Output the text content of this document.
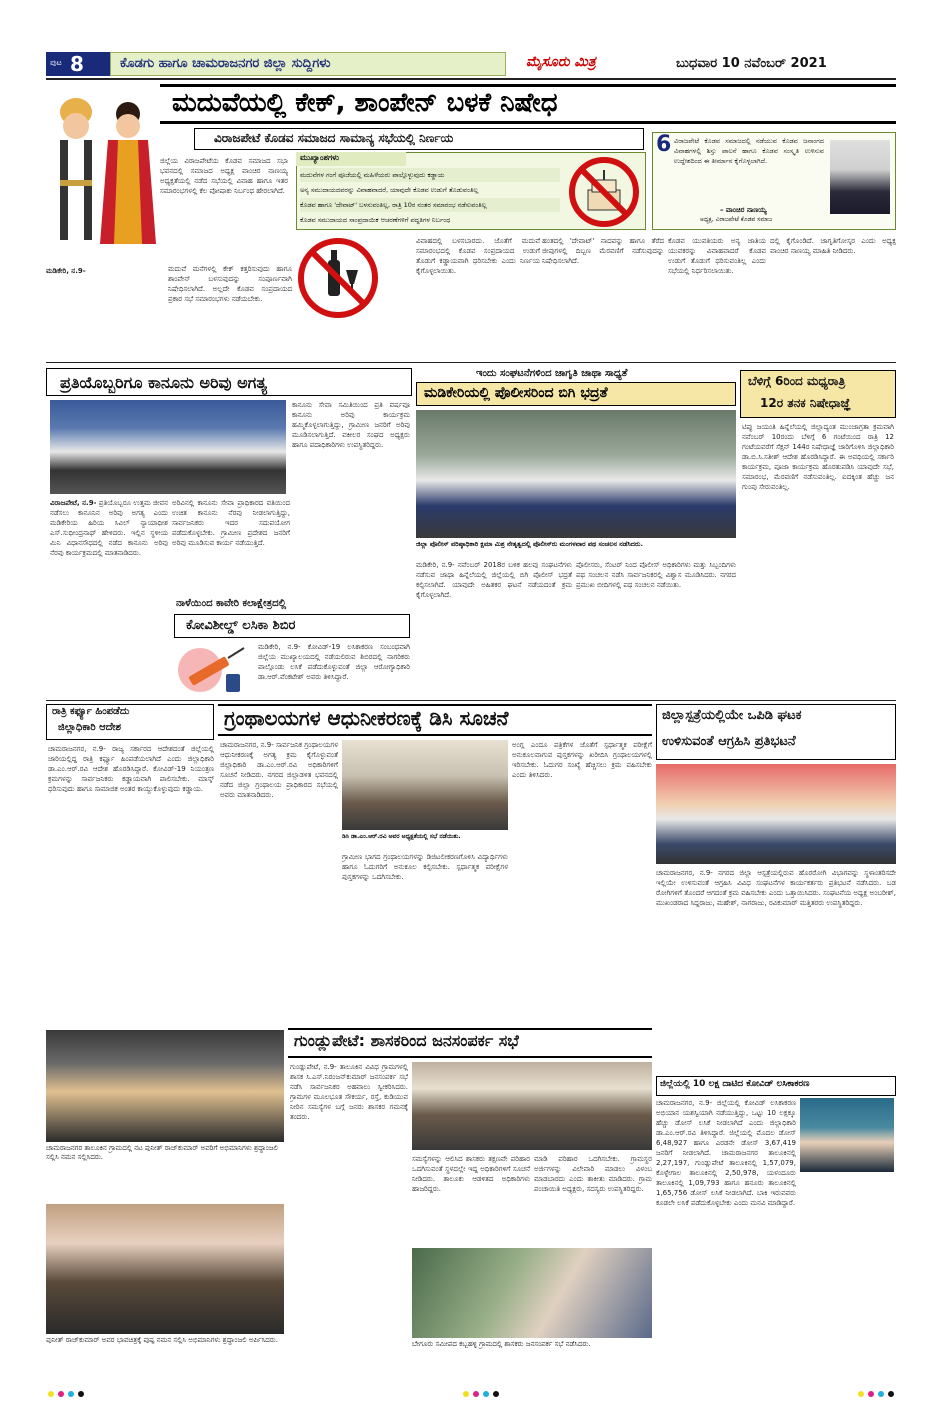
ಪುಟ 8	ಕೊಡಗು ಹಾಗೂ ಚಾಮರಾಜನಗರ ಜಿಲ್ಲಾ ಸುದ್ದಿಗಳು	ಮೈಸೂರು ಮಿತ್ರ	ಬುಧವಾರ 10 ನವೆಂಬರ್ 2021
ಮದುವೆಯಲ್ಲಿ ಕೇಕ್, ಶಾಂಪೇನ್ ಬಳಕೆ ನಿಷೇಧ
ವಿರಾಜಪೇಟೆ ಕೊಡವ ಸಮಾಜದ ಸಾಮಾನ್ಯ ಸಭೆಯಲ್ಲಿ ನಿರ್ಣಯ
ಮುಖ್ಯಾಂಶಗಳು
ಮದುವೆಗಳ ಗಂಗೆ ಪೂಜೆಯಲ್ಲಿ ಮಹಿಳೆಯರು ಪಾಲ್ಗೊಳ್ಳುವುದು ಕಡ್ಡಾಯ
ಅನ್ಯ ಸಮುದಾಯದವರನ್ನು ವಿವಾಹವಾದರೆ, ಯಾವುದೇ ಕೊಡವ ಉಡುಗೆ ತೊಡುವಂತಿಲ್ಲ
ಕೊಡವ ಹಾಗೂ 'ದೇವಾಟ್' ಬಳಸುವಂತಿಲ್ಲ, ರಾತ್ರಿ 10ರ ನಂತರ ಸಮಾರಂಭ ನಡೆಸುವಂತಿಲ್ಲ
ಕೊಡವ ಸಮುದಾಯದ ಸಾಂಪ್ರದಾಯಿಕ ಆಚರಣೆಗಳಿಗೆ ಪದ್ಧತಿಗಳ ನಿರ್ಬಂಧ
ಜಿಲ್ಲೆಯ ವಿರಾಜಪೇಟೆಯ ಕೊಡವ ಸಮಾಜದ ಸಭಾ ಭವನದಲ್ಲಿ ಸಮಾಜದ ಅಧ್ಯಕ್ಷ ವಾಂಚಿರ ನಾಣಯ್ಯ ಅಧ್ಯಕ್ಷತೆಯಲ್ಲಿ ನಡೆದ ಸಭೆಯಲ್ಲಿ ವಿವಾಹ ಹಾಗೂ ಇತರ ಸಮಾರಂಭಗಳಲ್ಲಿ ಕೆಲ ಪೋಷಾಕು ನಿರ್ಬಂಧ ಹೇರಲಾಗಿದೆ.
ಮಡಿಕೇರಿ, ನ.9-	ಮದುವೆ ಮನೆಗಳಲ್ಲಿ ಕೇಕ್ ಕತ್ತರಿಸುವುದು ಹಾಗೂ ಶಾಂಪೇನ್ ಬಳಸುವುದನ್ನು ಸಂಪೂರ್ಣವಾಗಿ ನಿಷೇಧಿಸಲಾಗಿದೆ. ಅಲ್ಲದೇ ಕೊಡವ ಸಂಪ್ರದಾಯದ ಪ್ರಕಾರ ಸಭೆ ಸಮಾರಂಭಗಳು ನಡೆಯಬೇಕು.
ವಿವಾಹದಲ್ಲಿ ಬಳಸಬಾರದು. ಜೊತೆಗೆ ಮದುವೆ ಸಮಾರಂಭದಲ್ಲಿ ಕೊಡವ ಸಂಪ್ರದಾಯದ ಉಡುಗೆ ತೊಡುಗೆ ಕಡ್ಡಾಯವಾಗಿ ಧರಿಸಬೇಕು ಎಂದು ನಿರ್ಣಯ ಕೈಗೊಳ್ಳಲಾಯಿತು.
ಹಂತದಲ್ಲಿ 'ದೇವಾಟ್' ನಾದವನ್ನು ಹಾಗೂ ತೆರೆದ ಜೀಪುಗಳಲ್ಲಿ ದಿಬ್ಬಣ ಮೆರವಣಿಗೆ ನಡೆಸುವುದನ್ನು ನಿಷೇಧಿಸಲಾಗಿದೆ.
ಕೊಡವ ಯುವತಿಯರು ಅನ್ಯ ಜಾತಿಯ ಯುವಕರನ್ನು ವಿವಾಹವಾದರೆ ಕೊಡವ ಉಡುಗೆ ತೊಡುಗೆ ಧರಿಸುವಂತಿಲ್ಲ ಎಂದು ಸಭೆಯಲ್ಲಿ ನಿರ್ಧರಿಸಲಾಯಿತು.
ದಲ್ಲಿ ಕೈಗೊಂಡಿದೆ. ಜಾಗೃತಿಗೋಸ್ಕರ ಎಂದು ಅಧ್ಯಕ್ಷ ವಾಂಚಿರ ನಾಣಯ್ಯ ಮಾಹಿತಿ ನೀಡಿದರು.
6 ವಿರಾಜಪೇಟೆ ಕೊಡವ ಸಮಾಜದಲ್ಲಿ ನಡೆಯುವ ಕೊಡವ ಜನಾಂಗದ ವಿವಾಹಗಳಲ್ಲಿ ಶಿಸ್ತು ಪಾಲನೆ ಹಾಗೂ ಕೊಡವ ಸಂಸ್ಕೃತಿ ಉಳಿಸುವ ಉದ್ದೇಶದಿಂದ ಈ ತೀರ್ಮಾನ ಕೈಗೊಳ್ಳಲಾಗಿದೆ.
– ವಾಂಚಿರ ನಾಣಯ್ಯ
ಅಧ್ಯಕ್ಷ, ವಿರಾಜಪೇಟೆ ಕೊಡವ ಸಮಾಜ
ಪ್ರತಿಯೊಬ್ಬರಿಗೂ ಕಾನೂನು ಅರಿವು ಅಗತ್ಯ
ವಿರಾಜಪೇಟೆ, ನ.9- ಪ್ರತಿಯೊಬ್ಬರೂ ಉತ್ತಮ ಜೀವನ ನಡೆಸಲು ಕಾನೂನಿನ ಅರಿವು ಅಗತ್ಯ ಎಂದು ಮಡಿಕೇರಿಯ ಹಿರಿಯ ಸಿವಿಲ್ ನ್ಯಾಯಾಧೀಶ ಎಸ್.ಸುಧೀಂದ್ರನಾಥ್ ಹೇಳಿದರು. ಇಲ್ಲಿನ ಸ್ಥಳೀಯ ಮಿನಿ ವಿಧಾನಸೌಧದಲ್ಲಿ ನಡೆದ ಕಾನೂನು ಅರಿವು ನೆರವು ಕಾರ್ಯಕ್ರಮದಲ್ಲಿ ಮಾತನಾಡಿದರು.
ಅರಿವಿನಲ್ಲಿ ಕಾನೂನು ಸೇವಾ ಪ್ರಾಧಿಕಾರದ ವತಿಯಿಂದ ಉಚಿತ ಕಾನೂನು ನೆರವು ನೀಡಲಾಗುತ್ತಿದ್ದು, ಸಾರ್ವಜನಿಕರು ಇದರ ಸದುಪಯೋಗ ಪಡೆದುಕೊಳ್ಳಬೇಕು. ಗ್ರಾಮೀಣ ಪ್ರದೇಶದ ಜನರಿಗೆ ಅರಿವು ಮೂಡಿಸುವ ಕಾರ್ಯ ನಡೆಯುತ್ತಿದೆ.
ಕಾನೂನು ಸೇವಾ ಸಮಿತಿಯಿಂದ ಪ್ರತಿ ವರ್ಷವೂ ಕಾನೂನು ಅರಿವು ಕಾರ್ಯಕ್ರಮ ಹಮ್ಮಿಕೊಳ್ಳಲಾಗುತ್ತಿದ್ದು, ಗ್ರಾಮೀಣ ಜನರಿಗೆ ಅರಿವು ಮೂಡಿಸಲಾಗುತ್ತಿದೆ. ವಕೀಲರ ಸಂಘದ ಅಧ್ಯಕ್ಷರು ಹಾಗೂ ಪದಾಧಿಕಾರಿಗಳು ಉಪಸ್ಥಿತರಿದ್ದರು.
ನಾಳೆಯಿಂದ ಕಾವೇರಿ ಕಲಾಕ್ಷೇತ್ರದಲ್ಲಿ
ಕೋವಿಶೀಲ್ಡ್ ಲಸಿಕಾ ಶಿಬಿರ
ಮಡಿಕೇರಿ, ನ.9- ಕೋವಿಡ್-19 ಲಸಿಕಾಕರಣ ಸಂಬಂಧವಾಗಿ ಜಿಲ್ಲೆಯ ಮುಖ್ಯಾಲಯದಲ್ಲಿ ನಡೆಯಲಿರುವ ಶಿಬಿರದಲ್ಲಿ ನಾಗರಿಕರು ಪಾಲ್ಗೊಂಡು ಲಸಿಕೆ ಪಡೆದುಕೊಳ್ಳುವಂತೆ ಜಿಲ್ಲಾ ಆರೋಗ್ಯಾಧಿಕಾರಿ ಡಾ.ಆರ್.ವೆಂಕಟೇಶ್ ಅವರು ತಿಳಿಸಿದ್ದಾರೆ.
ಇಂದು ಸಂಘಟನೆಗಳಿಂದ ಜಾಗೃತಿ ಜಾಥಾ ಸಾಧ್ಯತೆ
ಮಡಿಕೇರಿಯಲ್ಲಿ ಪೊಲೀಸರಿಂದ ಬಿಗಿ ಭದ್ರತೆ
ಜಿಲ್ಲಾ ಪೊಲೀಸ್ ವರಿಷ್ಠಾಧಿಕಾರಿ ಕ್ಷಮಾ ಮಿಶ್ರ ನೇತೃತ್ವದಲ್ಲಿ ಪೊಲೀಸ್‌ರು ಮಂಗಳವಾರ ಪಥ ಸಂಚಲನ ನಡೆಸಿದರು.
ಮಡಿಕೇರಿ, ನ.9- ನವೆಂಬರ್ 2018ರ ಬಳಿಕ ಹಲವು ಸಂಘಟನೆಗಳು ನಡೆಸುವ ಜಾಥಾ ಹಿನ್ನೆಲೆಯಲ್ಲಿ ಜಿಲ್ಲೆಯಲ್ಲಿ ಬಿಗಿ ಪೊಲೀಸ್ ಭದ್ರತೆ ಕಲ್ಪಿಸಲಾಗಿದೆ. ಯಾವುದೇ ಅಹಿತಕರ ಘಟನೆ ನಡೆಯದಂತೆ ಕ್ರಮ ಕೈಗೊಳ್ಳಲಾಗಿದೆ.
ಪೊಲೀಸರು, ಸೆಂಟರ್ ನಿಂದ ಪೊಲೀಸ್ ಅಧಿಕಾರಿಗಳು ಮತ್ತು ಸಿಬ್ಬಂದಿಗಳು ಪಥ ಸಂಚಲನ ನಡೆಸಿ ಸಾರ್ವಜನಿಕರಲ್ಲಿ ವಿಶ್ವಾಸ ಮೂಡಿಸಿದರು. ನಗರದ ಪ್ರಮುಖ ಬೀದಿಗಳಲ್ಲಿ ಪಥ ಸಂಚಲನ ನಡೆಯಿತು.
ಬೆಳಿಗ್ಗೆ 6ರಿಂದ ಮಧ್ಯರಾತ್ರಿ
12ರ ತನಕ ನಿಷೇಧಾಜ್ಞೆ
ಟಿಪ್ಪು ಜಯಂತಿ ಹಿನ್ನೆಲೆಯಲ್ಲಿ ಜಿಲ್ಲಾದ್ಯಂತ ಮುಂಜಾಗ್ರತಾ ಕ್ರಮವಾಗಿ ನವೆಂಬರ್ 10ರಂದು ಬೆಳಿಗ್ಗೆ 6 ಗಂಟೆಯಿಂದ ರಾತ್ರಿ 12 ಗಂಟೆಯವರೆಗೆ ಸೆಕ್ಷನ್ 144ರ ನಿಷೇಧಾಜ್ಞೆ ಜಾರಿಗೊಳಿಸಿ ಜಿಲ್ಲಾಧಿಕಾರಿ ಡಾ.ಬಿ.ಸಿ.ಸತೀಶ್ ಆದೇಶ ಹೊರಡಿಸಿದ್ದಾರೆ. ಈ ಅವಧಿಯಲ್ಲಿ ಸರ್ಕಾರಿ ಕಾರ್ಯಕ್ರಮ, ಪೂಜಾ ಕಾರ್ಯಕ್ರಮ ಹೊರತುಪಡಿಸಿ ಯಾವುದೇ ಸಭೆ, ಸಮಾರಂಭ, ಮೆರವಣಿಗೆ ನಡೆಸುವಂತಿಲ್ಲ. ಐದಕ್ಕಿಂತ ಹೆಚ್ಚು ಜನ ಗುಂಪು ಸೇರುವಂತಿಲ್ಲ.
ರಾತ್ರಿ ಕರ್ಫ್ಯೂ ಹಿಂಪಡೆದು
ಜಿಲ್ಲಾಧಿಕಾರಿ ಆದೇಶ
ಚಾಮರಾಜನಗರ, ನ.9- ರಾಜ್ಯ ಸರ್ಕಾರದ ಆದೇಶದಂತೆ ಜಿಲ್ಲೆಯಲ್ಲಿ ಜಾರಿಯಲ್ಲಿದ್ದ ರಾತ್ರಿ ಕರ್ಫ್ಯೂ ಹಿಂಪಡೆಯಲಾಗಿದೆ ಎಂದು ಜಿಲ್ಲಾಧಿಕಾರಿ ಡಾ.ಎಂ.ಆರ್.ರವಿ ಆದೇಶ ಹೊರಡಿಸಿದ್ದಾರೆ. ಕೋವಿಡ್-19 ನಿಯಂತ್ರಣ ಕ್ರಮಗಳನ್ನು ಸಾರ್ವಜನಿಕರು ಕಡ್ಡಾಯವಾಗಿ ಪಾಲಿಸಬೇಕು. ಮಾಸ್ಕ್ ಧರಿಸುವುದು ಹಾಗೂ ಸಾಮಾಜಿಕ ಅಂತರ ಕಾಯ್ದುಕೊಳ್ಳುವುದು ಕಡ್ಡಾಯ.
ಗ್ರಂಥಾಲಯಗಳ ಆಧುನೀಕರಣಕ್ಕೆ ಡಿಸಿ ಸೂಚನೆ
ಚಾಮರಾಜನಗರ, ನ.9- ಸಾರ್ವಜನಿಕ ಗ್ರಂಥಾಲಯಗಳ ಆಧುನೀಕರಣಕ್ಕೆ ಅಗತ್ಯ ಕ್ರಮ ಕೈಗೊಳ್ಳುವಂತೆ ಜಿಲ್ಲಾಧಿಕಾರಿ ಡಾ.ಎಂ.ಆರ್.ರವಿ ಅಧಿಕಾರಿಗಳಿಗೆ ಸೂಚನೆ ನೀಡಿದರು. ನಗರದ ಜಿಲ್ಲಾಡಳಿತ ಭವನದಲ್ಲಿ ನಡೆದ ಜಿಲ್ಲಾ ಗ್ರಂಥಾಲಯ ಪ್ರಾಧಿಕಾರದ ಸಭೆಯಲ್ಲಿ ಅವರು ಮಾತನಾಡಿದರು.
ಡಿಸಿ ಡಾ.ಎಂ.ಆರ್.ರವಿ ಅವರ ಅಧ್ಯಕ್ಷತೆಯಲ್ಲಿ ಸಭೆ ನಡೆಯಿತು.
ಗ್ರಾಮೀಣ ಭಾಗದ ಗ್ರಂಥಾಲಯಗಳನ್ನು ಡಿಜಿಟಲೀಕರಣಗೊಳಿಸಿ ವಿದ್ಯಾರ್ಥಿಗಳು ಹಾಗೂ ಓದುಗರಿಗೆ ಅನುಕೂಲ ಕಲ್ಪಿಸಬೇಕು. ಸ್ಪರ್ಧಾತ್ಮಕ ಪರೀಕ್ಷೆಗಳ ಪುಸ್ತಕಗಳನ್ನು ಒದಗಿಸಬೇಕು.
ಅಂಗ್ಲ ಎಂದೂ ಪತ್ರಿಕೆಗಳ ಜೊತೆಗೆ ಸ್ಪರ್ಧಾತ್ಮಕ ಪರೀಕ್ಷೆಗೆ ಅನುಕೂಲವಾಗುವ ಪುಸ್ತಕಗಳನ್ನು ಖರೀದಿಸಿ ಗ್ರಂಥಾಲಯಗಳಲ್ಲಿ ಇರಿಸಬೇಕು. ಓದುಗರ ಸಂಖ್ಯೆ ಹೆಚ್ಚಿಸಲು ಕ್ರಮ ವಹಿಸಬೇಕು ಎಂದು ತಿಳಿಸಿದರು.
ಜಿಲ್ಲಾಸ್ಪತ್ರೆಯಲ್ಲಿಯೇ ಒಪಿಡಿ ಘಟಕ
ಉಳಿಸುವಂತೆ ಆಗ್ರಹಿಸಿ ಪ್ರತಿಭಟನೆ
ಚಾಮರಾಜನಗರ, ನ.9- ನಗರದ ಜಿಲ್ಲಾ ಆಸ್ಪತ್ರೆಯಲ್ಲಿರುವ ಹೊರರೋಗಿ ವಿಭಾಗವನ್ನು ಸ್ಥಳಾಂತರಿಸದೇ ಇಲ್ಲಿಯೇ ಉಳಿಸುವಂತೆ ಆಗ್ರಹಿಸಿ ವಿವಿಧ ಸಂಘಟನೆಗಳ ಕಾರ್ಯಕರ್ತರು ಪ್ರತಿಭಟನೆ ನಡೆಸಿದರು. ಬಡ ರೋಗಿಗಳಿಗೆ ತೊಂದರೆ ಆಗದಂತೆ ಕ್ರಮ ವಹಿಸಬೇಕು ಎಂದು ಒತ್ತಾಯಿಸಿದರು. ಸಂಘಟನೆಯ ಅಧ್ಯಕ್ಷ ಅಂಬರೀಶ್, ಮುಖಂಡರಾದ ಸಿದ್ದರಾಜು, ಮಹೇಶ್, ನಾಗರಾಜು, ರವಿಕುಮಾರ್ ಮತ್ತಿತರರು ಉಪಸ್ಥಿತರಿದ್ದರು.
ಚಾಮರಾಜನಗರ ತಾಲೂಕಿನ ಗ್ರಾಮದಲ್ಲಿ ನಟ ಪುನೀತ್ ರಾಜ್‌ಕುಮಾರ್ ಅವರಿಗೆ ಅಭಿಮಾನಿಗಳು ಶ್ರದ್ಧಾಂಜಲಿ ಸಲ್ಲಿಸಿ ನಮನ ಸಲ್ಲಿಸಿದರು.
ಪುನೀತ್ ರಾಜ್‌ಕುಮಾರ್ ಅವರ ಭಾವಚಿತ್ರಕ್ಕೆ ಪುಷ್ಪ ನಮನ ಸಲ್ಲಿಸಿ ಅಭಿಮಾನಿಗಳು ಶ್ರದ್ಧಾಂಜಲಿ ಅರ್ಪಿಸಿದರು.
ಗುಂಡ್ಲುಪೇಟೆ: ಶಾಸಕರಿಂದ ಜನಸಂಪರ್ಕ ಸಭೆ
ಗುಂಡ್ಲುಪೇಟೆ, ನ.9- ತಾಲೂಕಿನ ವಿವಿಧ ಗ್ರಾಮಗಳಲ್ಲಿ ಶಾಸಕ ಸಿ.ಎಸ್.ನಿರಂಜನ್‌ಕುಮಾರ್ ಜನಸಂಪರ್ಕ ಸಭೆ ನಡೆಸಿ ಸಾರ್ವಜನಿಕರ ಅಹವಾಲು ಸ್ವೀಕರಿಸಿದರು. ಗ್ರಾಮಗಳ ಮೂಲಭೂತ ಸೌಕರ್ಯ, ರಸ್ತೆ, ಕುಡಿಯುವ ನೀರಿನ ಸಮಸ್ಯೆಗಳ ಬಗ್ಗೆ ಜನರು ಶಾಸಕರ ಗಮನಕ್ಕೆ ತಂದರು.
ಸಮಸ್ಯೆಗಳನ್ನು ಆಲಿಸಿದ ಶಾಸಕರು ತಕ್ಷಣವೇ ಪರಿಹಾರ ಒದಗಿಸುವಂತೆ ಸ್ಥಳದಲ್ಲೇ ಇದ್ದ ಅಧಿಕಾರಿಗಳಿಗೆ ಸೂಚನೆ ನೀಡಿದರು. ತಾಲೂಕು ಆಡಳಿತದ ಅಧಿಕಾರಿಗಳು ಹಾಜರಿದ್ದರು.
ಮಾಡಿ ಪರಿಹಾರ ಒದಗಿಸಬೇಕು. ಗ್ರಾಮಸ್ಥರ ಅರ್ಜಿಗಳನ್ನು ವಿಲೇವಾರಿ ಮಾಡಲು ವಿಳಂಬ ಮಾಡಬಾರದು ಎಂದು ತಾಕೀತು ಮಾಡಿದರು. ಗ್ರಾಮ ಪಂಚಾಯಿತಿ ಅಧ್ಯಕ್ಷರು, ಸದಸ್ಯರು ಉಪಸ್ಥಿತರಿದ್ದರು.
ಬೇಗೂರು ಸಮೀಪದ ಕಬ್ಬಹಳ್ಳಿ ಗ್ರಾಮದಲ್ಲಿ ಶಾಸಕರು ಜನಸಂಪರ್ಕ ಸಭೆ ನಡೆಸಿದರು.
ಜಿಲ್ಲೆಯಲ್ಲಿ 10 ಲಕ್ಷ ದಾಟಿದ ಕೋವಿಡ್ ಲಸಿಕಾಕರಣ
ಚಾಮರಾಜನಗರ, ನ.9- ಜಿಲ್ಲೆಯಲ್ಲಿ ಕೋವಿಡ್ ಲಸಿಕಾಕರಣ ಅಭಿಯಾನ ಯಶಸ್ವಿಯಾಗಿ ನಡೆಯುತ್ತಿದ್ದು, ಒಟ್ಟು 10 ಲಕ್ಷಕ್ಕೂ ಹೆಚ್ಚು ಡೋಸ್ ಲಸಿಕೆ ನೀಡಲಾಗಿದೆ ಎಂದು ಜಿಲ್ಲಾಧಿಕಾರಿ ಡಾ.ಎಂ.ಆರ್.ರವಿ ತಿಳಿಸಿದ್ದಾರೆ. ಜಿಲ್ಲೆಯಲ್ಲಿ ಮೊದಲ ಡೋಸ್ 6,48,927 ಹಾಗೂ ಎರಡನೇ ಡೋಸ್ 3,67,419 ಜನರಿಗೆ ನೀಡಲಾಗಿದೆ. ಚಾಮರಾಜನಗರ ತಾಲೂಕಿನಲ್ಲಿ 2,27,197, ಗುಂಡ್ಲುಪೇಟೆ ತಾಲೂಕಿನಲ್ಲಿ 1,57,079, ಕೊಳ್ಳೇಗಾಲ ತಾಲೂಕಿನಲ್ಲಿ 2,50,978, ಯಳಂದೂರು ತಾಲೂಕಿನಲ್ಲಿ 1,09,793 ಹಾಗೂ ಹನೂರು ತಾಲೂಕಿನಲ್ಲಿ 1,65,756 ಡೋಸ್ ಲಸಿಕೆ ನೀಡಲಾಗಿದೆ. ಬಾಕಿ ಇರುವವರು ಕೂಡಲೇ ಲಸಿಕೆ ಪಡೆದುಕೊಳ್ಳಬೇಕು ಎಂದು ಮನವಿ ಮಾಡಿದ್ದಾರೆ.
